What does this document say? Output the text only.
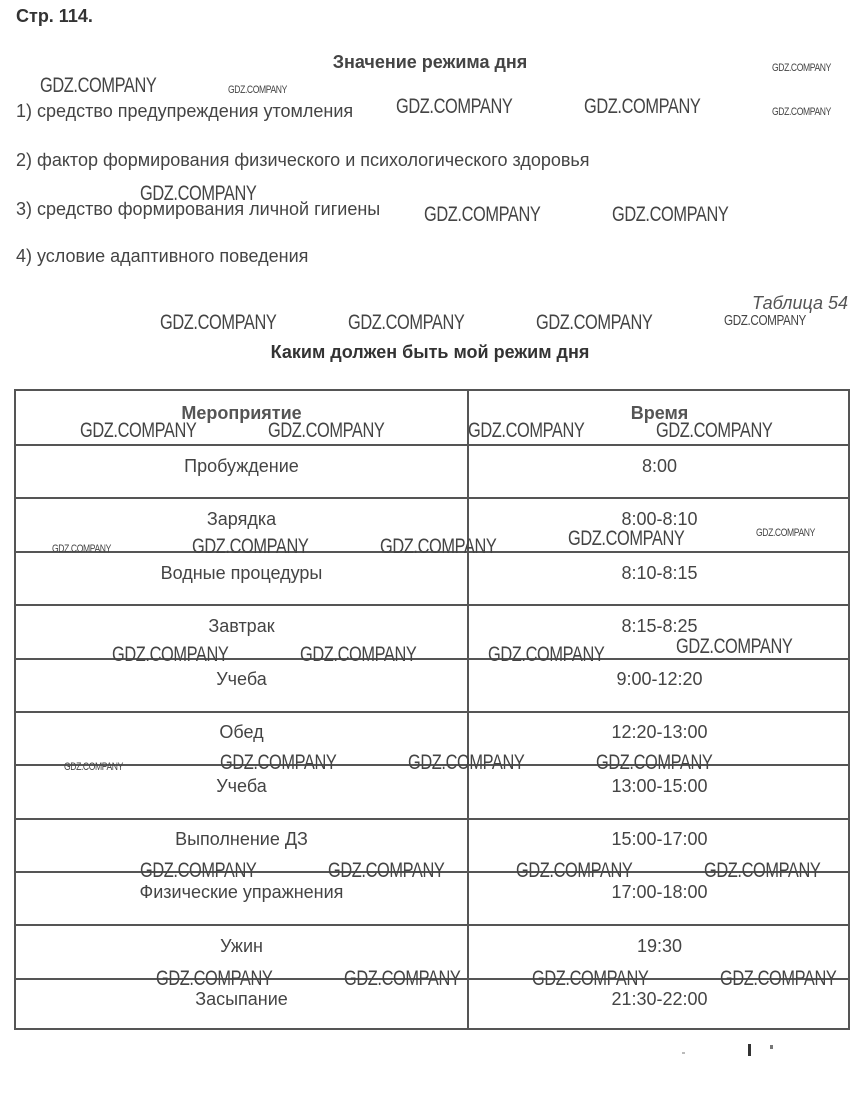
Стр. 114.
Значение режима дня
1) средство предупреждения утомления
2) фактор формирования физического и психологического здоровья
3) средство формирования личной гигиены
4) условие адаптивного поведения
Таблица 54
Каким должен быть мой режим дня
Мероприятие	Время
Пробуждение	8:00
Зарядка	8:00-8:10
Водные процедуры	8:10-8:15
Завтрак	8:15-8:25
Учеба	9:00-12:20
Обед	12:20-13:00
Учеба	13:00-15:00
Выполнение ДЗ	15:00-17:00
Физические упражнения	17:00-18:00
Ужин	19:30
Засыпание	21:30-22:00
GDZ.COMPANY	GDZ.COMPANY
GDZ.COMPANY
GDZ.COMPANY	GDZ.COMPANY	GDZ.COMPANY
GDZ.COMPANY
GDZ.COMPANY	GDZ.COMPANY
GDZ.COMPANY	GDZ.COMPANY	GDZ.COMPANY	GDZ.COMPANY
GDZ.COMPANY	GDZ.COMPANY	GDZ.COMPANY	GDZ.COMPANY
GDZ.COMPANY	GDZ.COMPANY	GDZ.COMPANY	GDZ.COMPANY	GDZ.COMPANY
GDZ.COMPANY	GDZ.COMPANY	GDZ.COMPANY	GDZ.COMPANY
GDZ.COMPANY	GDZ.COMPANY	GDZ.COMPANY	GDZ.COMPANY
GDZ.COMPANY	GDZ.COMPANY	GDZ.COMPANY	GDZ.COMPANY
GDZ.COMPANY	GDZ.COMPANY	GDZ.COMPANY	GDZ.COMPANY
